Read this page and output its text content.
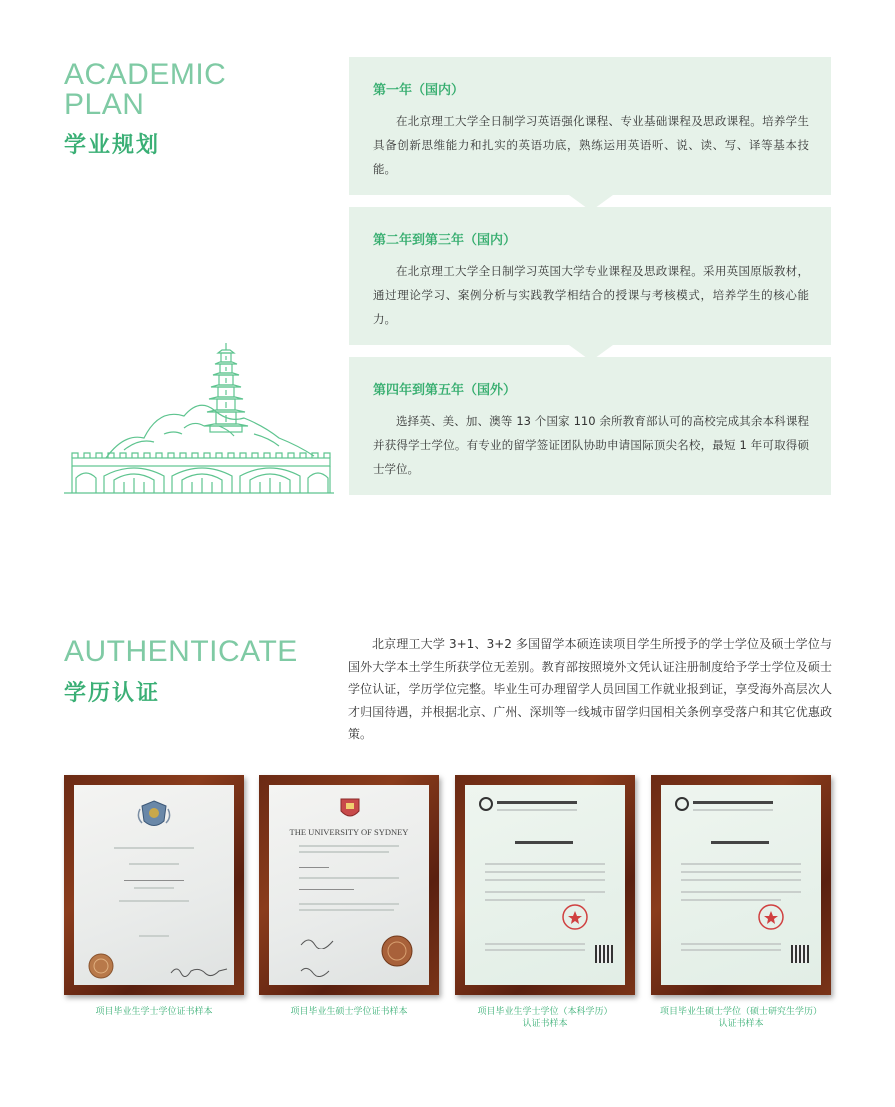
ACADEMIC
PLAN
学业规划
第一年（国内）

在北京理工大学全日制学习英语强化课程、专业基础课程及思政课程。培养学生具备创新思维能力和扎实的英语功底，熟练运用英语听、说、读、写、译等基本技能。

第二年到第三年（国内）

在北京理工大学全日制学习英国大学专业课程及思政课程。采用英国原版教材，通过理论学习、案例分析与实践教学相结合的授课与考核模式，培养学生的核心能力。

第四年到第五年（国外）

选择英、美、加、澳等 13 个国家 110 余所教育部认可的高校完成其余本科课程并获得学士学位。有专业的留学签证团队协助申请国际顶尖名校，最短 1 年可取得硕士学位。

AUTHENTICATE
学历认证

北京理工大学 3+1、3+2 多国留学本硕连读项目学生所授予的学士学位及硕士学位与国外大学本土学生所获学位无差别。教育部按照境外文凭认证注册制度给予学士学位及硕士学位认证，学历学位完整。毕业生可办理留学人员回国工作就业报到证，享受海外高层次人才归国待遇，并根据北京、广州、深圳等一线城市留学归国相关条例享受落户和其它优惠政策。

项目毕业生学士学位证书样本

THE UNIVERSITY OF SYDNEY
项目毕业生硕士学位证书样本	项目毕业生学士学位（本科学历）
认证书样本
项目毕业生硕士学位（硕士研究生学历）
认证书样本
